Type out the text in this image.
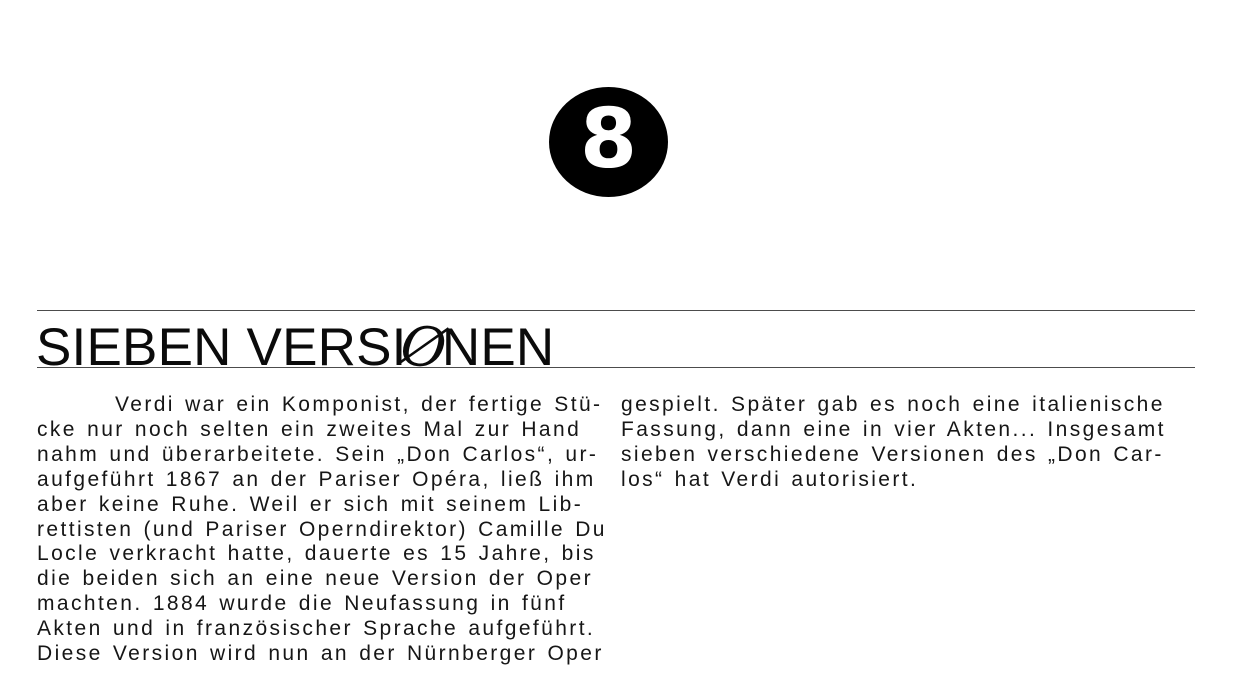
8
SIEBEN VERSIØNEN

Verdi war ein Komponist, der fertige Stü-

cke nur noch selten ein zweites Mal zur Hand

nahm und überarbeitete. Sein „Don Carlos“, ur-

aufgeführt 1867 an der Pariser Opéra, ließ ihm

aber keine Ruhe. Weil er sich mit seinem Lib-

rettisten (und Pariser Operndirektor) Camille Du

Locle verkracht hatte, dauerte es 15 Jahre, bis

die beiden sich an eine neue Version der Oper

machten. 1884 wurde die Neufassung in fünf

Akten und in französischer Sprache aufgeführt.

Diese Version wird nun an der Nürnberger Oper

gespielt. Später gab es noch eine italienische

Fassung, dann eine in vier Akten... Insgesamt

sieben verschiedene Versionen des „Don Car-

los“ hat Verdi autorisiert.
